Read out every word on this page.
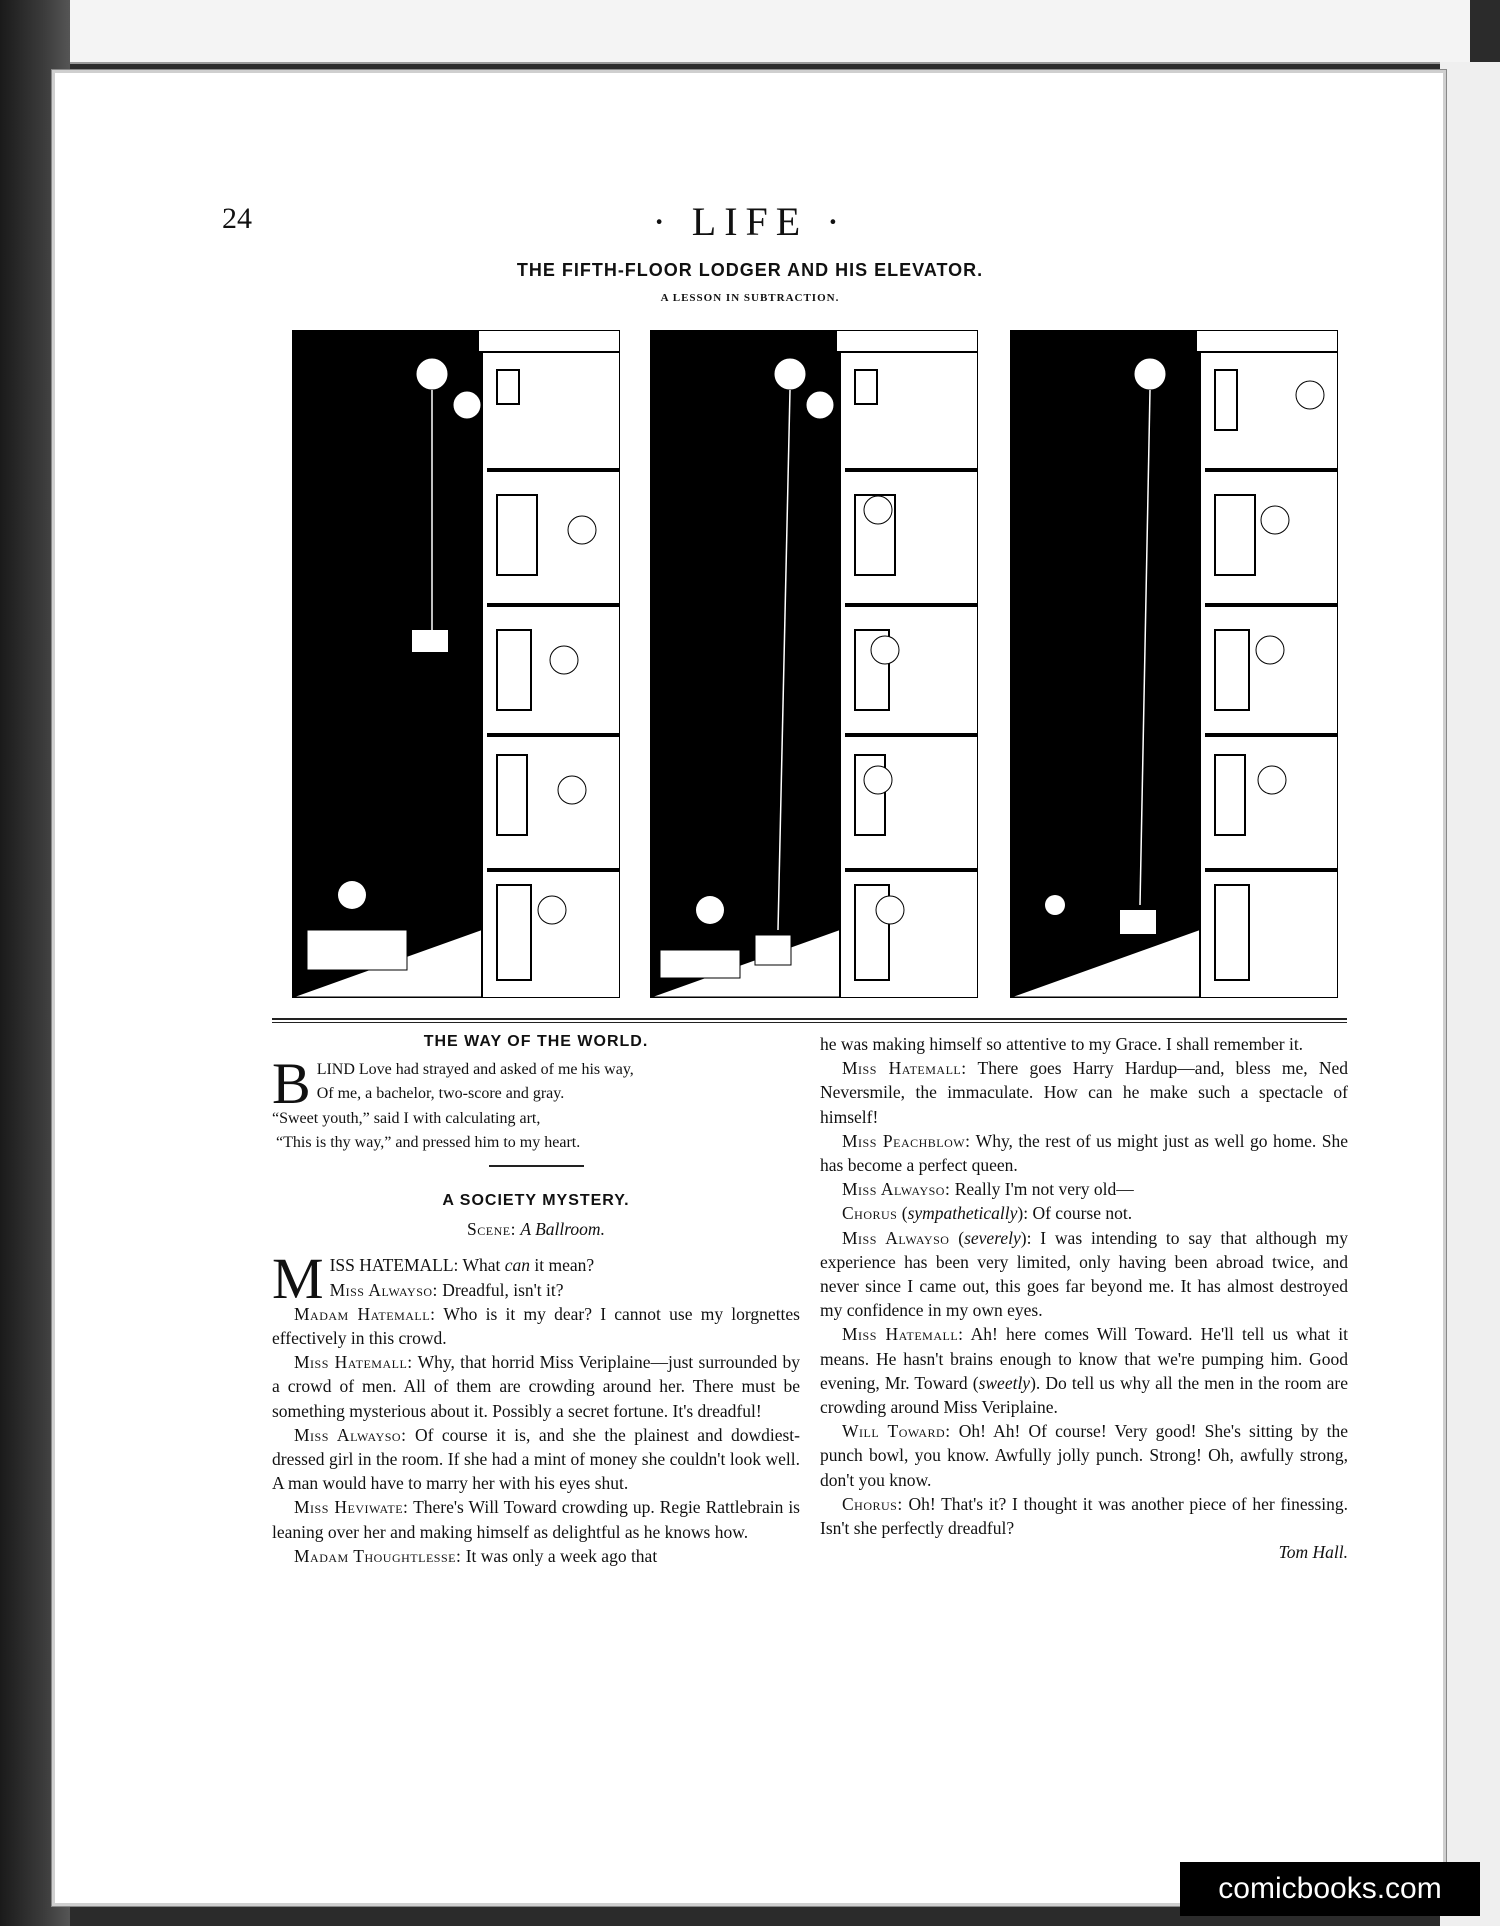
24	· LIFE ·
THE FIFTH-FLOOR LODGER AND HIS ELEVATOR.
A LESSON IN SUBTRACTION.

THE WAY OF THE WORLD.

B LIND Love had strayed and asked of me his way,
Of me, a bachelor, two-score and gray.
“Sweet youth,” said I with calculating art,
“This is thy way,” and pressed him to my heart.

A SOCIETY MYSTERY.

Scene: A Ballroom.

MISS HATEMALL: What can it mean?

Miss Alwayso: Dreadful, isn't it?

Madam Hatemall: Who is it my dear? I cannot use my lorgnettes effectively in this crowd.

Miss Hatemall: Why, that horrid Miss Veriplaine—just surrounded by a crowd of men. All of them are crowding around her. There must be something mysterious about it. Possibly a secret fortune. It's dreadful!

Miss Alwayso: Of course it is, and she the plainest and dowdiest-dressed girl in the room. If she had a mint of money she couldn't look well. A man would have to marry her with his eyes shut.

Miss Heviwate: There's Will Toward crowding up. Regie Rattlebrain is leaning over her and making himself as delightful as he knows how.

Madam Thoughtlesse: It was only a week ago that

he was making himself so attentive to my Grace. I shall remember it.

Miss Hatemall: There goes Harry Hardup—and, bless me, Ned Neversmile, the immaculate. How can he make such a spectacle of himself!

Miss Peachblow: Why, the rest of us might just as well go home. She has become a perfect queen.

Miss Alwayso: Really I'm not very old—

Chorus (sympathetically): Of course not.

Miss Alwayso (severely): I was intending to say that although my experience has been very limited, only having been abroad twice, and never since I came out, this goes far beyond me. It has almost destroyed my confidence in my own eyes.

Miss Hatemall: Ah! here comes Will Toward. He'll tell us what it means. He hasn't brains enough to know that we're pumping him. Good evening, Mr. Toward (sweetly). Do tell us why all the men in the room are crowding around Miss Veriplaine.

Will Toward: Oh! Ah! Of course! Very good! She's sitting by the punch bowl, you know. Awfully jolly punch. Strong! Oh, awfully strong, don't you know.

Chorus: Oh! That's it? I thought it was another piece of her finessing. Isn't she perfectly dreadful?

Tom Hall.

comicbooks.com
